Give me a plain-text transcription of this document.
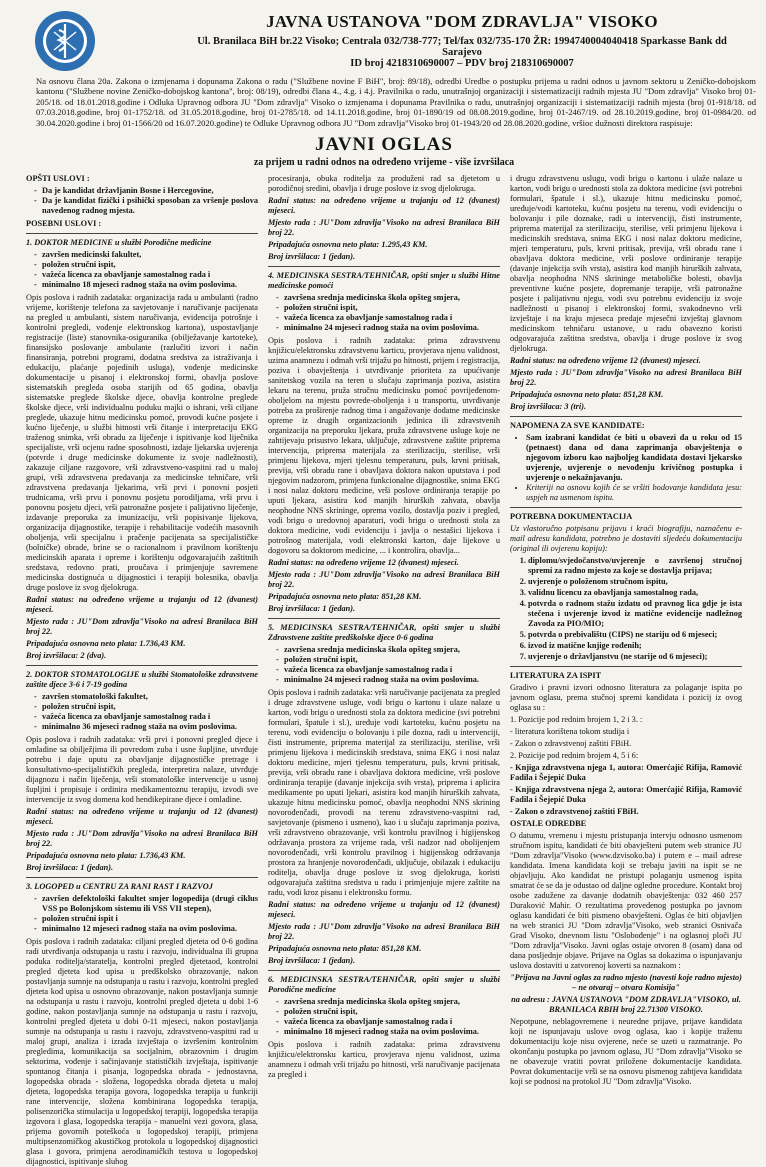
JAVNA USTANOVA "DOM ZDRAVLJA" VISOKO
Ul. Branilaca BiH br.22 Visoko; Centrala 032/738-777; Tel/fax 032/735-170 ŽR: 1994740004040418 Sparkasse Bank dd Sarajevo
ID broj 4218310690007 – PDV broj 218310690007
Na osnovu člana 20a. Zakona o izmjenama i dopunama Zakona o radu ("Službene novine F BiH", broj: 89/18), odredbi Uredbe o postupku prijema u radni odnos u javnom sektoru u Zeničko-dobojskom kantonu ("Službene novine Zeničko-dobojskog kantona", broj: 08/19), odredbi člana 4., 4.g. i 4.j. Pravilnika o radu, unutrašnjoj organizaciji i sistematizaciji radnih mjesta JU "Dom zdravlja" Visoko broj 01-205/18. od 18.01.2018.godine i Odluka Upravnog odbora JU "Dom zdravlja" Visoko o izmjenama i dopunama Pravilnika o radu, unutrašnjoj organizaciji i sistematizaciji radnih mjesta (broj 01-918/18. od 07.03.2018.godine, broj 01-1752/18. od 31.05.2018.godine, broj 01-2785/18. od 14.11.2018.godine, broj 01-1890/19 od 08.08.2019.godine, broj 01-2467/19. od 28.10.2019.godine, broj 01-0984/20. od 30.04.2020.godine i broj 01-1566/20 od 16.07.2020.godine) te Odluke Upravnog odbora JU "Dom zdravlja"Visoko broj 01-1943/20 od 28.08.2020.godine, vršioc dužnosti direktora raspisuje:
JAVNI OGLAS
za prijem u radni odnos na određeno vrijeme - više izvršilaca

OPŠTI USLOVI :

- Da je kandidat državljanin Bosne i Hercegovine,
- Da je kandidat fizički i psihički sposoban za vršenje poslova navedenog radnog mjesta.

POSEBNI USLOVI :

1. DOKTOR MEDICINE u službi Porodične medicine

- završen medicinski fakultet,
- položen stručni ispit,
- važeća licenca za obavljanje samostalnog rada i
- minimalno 18 mjeseci radnog staža na ovim poslovima.

Opis poslova i radnih zadataka: organizacija rada u ambulanti (radno vrijeme, korištenje telefona za savjetovanje i naručivanje pacijenata na pregled u ambulanti, sistem naručivanja, evidencija potrošnje i kontrolni pregledi, vođenje elektronskog kartona), uspostavljanje registracije (liste) stanovnika-osiguranika (obilježavanje kartoteke), finansijsko poslovanje ambulante (razlučiti izvori i način finansiranja, potrebni programi, dodatna sredstva za istraživanja i edukaciju, plaćanje pojedinih usluga), vođenje medicinske dokumentacije u pisanoj i elektronskoj formi, obavlja poslove sistematskih pregleda osoba starijih od 65 godina, obavlja sistematske preglede školske djece, obavlja kontrolne preglede školske djece, vrši individualnu poduku majki o ishrani, vrši ciljane preglede, ukazuje hitnu medicinsku pomoć, provodi kućne posjete i kućno liječenje, u službi hitnosti vrši čitanje i interpretaciju EKG traženog snimka, vrši obradu za liječenje i ispitivanje kod liječnika specijaliste, vrši ocjenu radne sposobnosti, izdaje ljekarska uvjerenja (potvrde i druge medicinske dokumente iz svoje nadležnosti), zakazuje ciljane razgovore, vrši zdravstveno-vaspitni rad u maloj grupi, vrši zdravstvena predavanja za medicinske tehničare, vrši zdravstvena predavanja ljekarima, vrši prvi i ponovni posjeti trudnicama, vrši prvu i ponovnu posjetu porodiljama, vrši prvu i ponovnu posjetu djeci, vrši patronažne posjete i palijativno liječenje, izdavanje preporuka za imunizaciju, vrši popisivanje lijekova, organizacija dijagnostike, terapije i rehabilitacije vodećih masovnih oboljenja, vrši specijalnu i pračenje pacijenata sa specijalističke (bolničke) obrade, brine se o racionalnom i pravilnom korištenju medicinskih aparata i opreme i korištenju odgovarajućih zaštitnih sredstava, redovno prati, proučava i primjenjuje savremene medicinska dostignuća u dijagnostici i terapiji bolesnika, obavlja druge poslove iz svog djelokruga.

Radni status: na određeno vrijeme u trajanju od 12 (dvanest) mjeseci.

Mjesto rada : JU"Dom zdravlja"Visoko na adresi Branilaca BiH broj 22.

Pripadajuća osnovna neto plata: 1.736,43 KM.

Broj izvršilaca: 2 (dva).

2. DOKTOR STOMATOLOGIJE u službi Stomatološke zdravstvene zaštite djece 3-6 i 7-19 godina

- završen stomatološki fakultet,
- položen stručni ispit,
- važeća licenca za obavljanje samostalnog rada i
- minimalno 36 mjeseci radnog staža na ovim poslovima.

Opis poslova i radnih zadataka: vrši prvi i ponovni pregled djece i omladine sa obilježjima ili povredom zuba i usne šupljine, utvrđuje potrebu i daje uputu za obavljanje dijagnostičke pretrage i konsultativno-specijalističkih pregleda, interpretira nalaze, utvrđuje dijagnozu i način liječenja, vrši stomatološke intervencije u usnoj šupljini i propisuje i ordinira medikamentoznu terapiju, izvodi sve intervencije iz svog domena kod hendikepirane djece i omladine.

Radni status: na određeno vrijeme u trajanju od 12 (dvanest) mjeseci.

Mjesto rada : JU"Dom zdravlja"Visoko na adresi Branilaca BiH broj 22.

Pripadajuća osnovna neto plata: 1.736,43 KM.

Broj izvršilaca: 1 (jedan).

3. LOGOPED u CENTRU ZA RANI RAST I RAZVOJ

- završen defektološki fakultet smjer logopedija (drugi ciklus VSS po Bolonjskom sistemu ili VSS VII stepen),
- položen stručni ispit i
- minimalno 12 mjeseci radnog staža na ovim poslovima.

Opis poslova i radnih zadataka: ciljani pregled djeteta od 0-6 godina radi utvrđivanja odstupanja u rastu i razvoju, individualna ili grupna poduka roditelja/staratelja, kontrolni pregled djetetaod, kontrolni pregled djeteta kod upisa u predškolsko obrazovanje, nakon postavljanja sumnje na odstupanja u rastu i razvoju, kontrolni pregled djeteta kod upisa u osnovno obrazovanje, nakon postavljanja sumnje na odstupanja u rastu i razvoju, kontrolni pregled djeteta u dobi 1-6 godine, nakon postavljanja sumnje na odstupanja u rastu i razvoju, kontrolni pregled djeteta u dobi 0-11 mjeseci, nakon postavljanja sumnje na odstupanja u rastu i razvoju, zdravstveno-vaspitni rad u maloj grupi, analiza i izrada izvještaja o izvršenim kontrolnim pregledima, komunikacija sa socijalnim, obrazovnim i drugim sektorima, vođenje i sačinjavanje statističkih izvještaja, ispitivanje spontanog čitanja i pisanja, logopedska obrada - jednostavna, logopedska obrada - složena, logopedska obrada djeteta u maloj djeteta, logopedska terapija govora, logopedska terapija u funkciji rane intervencije, složena kombinirana logopedska terapija, polisenzorička stimulacija u logopedskoj terapiji, logopedska terapija izgovora i glasa, logopedska terapija - manuelni vezi govora, glasa, prijema govornih poteškoća u logopedskoj terapiji, primjena multipsenzomičkog akustičkog protokola u logopedskoj dijagnostici glasa i govora, primjena aerodinamičkih testova u logopedskoj dijagnostici, ispitivanje sluhog

procesiranja, obuka roditelja za produženi rad sa djetetom u porodičnoj sredini, obavlja i druge poslove iz svog djelokruga.

Radni status: na određeno vrijeme u trajanju od 12 (dvanest) mjeseci.

Mjesto rada : JU"Dom zdravlja"Visoko na adresi Branilaca BiH broj 22.

Pripadajuća osnovna neto plata: 1.295,43 KM.

Broj izvršilaca: 1 (jedan).

4. MEDICINSKA SESTRA/TEHNIČAR, opšti smjer u službi Hitne medicinske pomoći

- završena srednja medicinska škola opšteg smjera,
- položen stručni ispit,
- važeća licenca za obavljanje samostalnog rada i
- minimalno 24 mjeseci radnog staža na ovim poslovima.

Opis poslova i radnih zadataka: prima zdravstvenu knjižicu/elektronsku zdravstvenu karticu, provjerava njenu validnost, uzima anamnezu i odmah vrši trijažu po hitnosti, prijem i registracija, poziva i obavještenja i utvrđivanje prioriteta za upućivanje sanitetskog vozila na teren u slučaju zaprimanja poziva, asistira lekaru na terenu, pruža stručnu medicinsku pomoć povrijeđenom-oboljelom na mjestu povrede-oboljenja i u transportu, utvrđivanje potreba za proširenje radnog tima i angažovanje dodatne medicinske opreme iz drugih organizacionih jedinica ili zdravstvenih organizacija na preporuku ljekara, pruža zdravstvene usluge koje ne zahtijevaju prisustvo lekara, uključuje, zdravstvene zaštite priprema intervencija, priprema materijala za sterilizaciju, sterilise, vrši primjenu lijekova, mjeri tjelesnu temperaturu, puls, krvni pritisak, previja, vrši obradu rane i obavljava doktora nakon uputstava i pod njegovim nadzorom, primjena funkcionalne dijagnostike, snima EKG i nosi nalaz doktoru medicine, vrši poslove ordiniranja terapije po uputi ljekara, asistira kod manjih hirurških zahvata, obavlja neophodne NNS skrininge, oprema vozilo, dostavlja poziv i pregled, vodi brigu o uredovnoj aparaturi, vodi brigu o urednosti stola za doktora medicine, vodi evidenciju i javlja o nestašici lijekova i potrošnog materijala, vodi elektronski karton, daje lijekove u dogovoru sa doktorom medicine, ... i kontrolira, obavlja...

Radni status: na određeno vrijeme 12 (dvanest) mjeseci.

Mjesto rada : JU"Dom zdravlja"Visoko na adresi Branilaca BiH broj 22.

Pripadajuća osnovna neto plata: 851,28 KM.

Broj izvršilaca: 1 (jedan).

5. MEDICINSKA SESTRA/TEHNIČAR, opšti smjer u službi Zdravstvene zaštite predškolske djece 0-6 godina

- završena srednja medicinska škola opšteg smjera,
- položen stručni ispit,
- važeća licenca za obavljanje samostalnog rada i
- minimalno 24 mjeseci radnog staža na ovim poslovima.

Opis poslova i radnih zadataka: vrši naručivanje pacijenata za pregled i druge zdravstvene usluge, vodi brigu o kartonu i ulaze nalaze u karton, vodi brigu o urednosti stola za doktora medicine (svi potrebni formulari, špatule i sl.), uređuje vodi kartoteku, kućnu posjetu na terenu, vodi evidenciju o bolovanju i pile dozna, radi u intervenciji, čisti instrumente, priprema materijal za sterilizaciju, sterilise, vrši primjenu lijekova i medicinskih sredstava, snima EKG i nosi nalaz doktoru medicine, mjeri tjelesnu temperaturu, puls, krvni pritisak, previja, vrši obradu rane i obavljava doktora medicine, vrši poslove ordiniranja terapije (davanje injekcija svih vrsta), priprema i aplicira medikamente po uputi ljekari, asistira kod manjih hirurških zahvata, ukazuje hitnu medicinsku pomoć, obavlja neophodni NNS skrining novorođenčadi, provodi na terenu zdravstveno-vaspitni rad, savjetovanje (pismeno i usmeno), kao i u slučaju zaprimanja poziva, vrši zdravstveno obrazovanje, vrši kontrolu pravilnog i higijenskog održavanja prostora za vrijeme rada, vrši nadzor nad obolijenjem novorođenčadi, vrši kontrolu pravilnog i higijenskog održavanja prostora za hranjenje novorođenčadi, uključuje, obilazak i edukaciju roditelja, obavlja druge poslove iz svog djelokruga, koristi odgovarajuća zaštitna sredstva u radu i primjenjuje mjere zaštite na radu, vodi kroz pisanu i elektronsku formu.

Radni status: na određeno vrijeme u trajanju od 12 (dvanest) mjeseci.

Mjesto rada : JU"Dom zdravlja"Visoko na adresi Branilaca BiH broj 22.

Pripadajuća osnovna neto plata: 851,28 KM.

Broj izvršilaca: 1 (jedan).

6. MEDICINSKA SESTRA/TEHNIČAR, opšti smjer u službi Porodične medicine

- završena srednja medicinska škola opšteg smjera,
- položen stručni ispit,
- važeća licenca za obavljanje samostalnog rada i
- minimalno 18 mjeseci radnog staža na ovim poslovima.

Opis poslova i radnih zadataka: prima zdravstvenu knjižicu/elektronsku karticu, provjerava njenu validnost, uzima anamnezu i odmah vrši trijažu po hitnosti, vrši naručivanje pacijenata za pregled i

i drugu zdravstvenu uslugu, vodi brigu o kartonu i ulaže nalaze u karton, vodi brigu o urednosti stola za doktora medicine (svi potrebni formulari, špatule i sl.), ukazuje hitnu medicinsku pomoć, uređuje/vodi kartoteku, kućnu posjetu na terenu, vodi evidenciju o bolovanju i pile doznake, radi u intervenciji, čisti instrumente, priprema materijal za sterilizaciju, sterilise, vrši primjenu lijekova i medicinskih sredstava, snima EKG i nosi nalaz doktoru medicine, mjeri temperaturu, puls, krvni pritisak, previja, vrši obradu rane i obavljava doktora medicine, vrši poslove ordiniranje terapije (davanje injekcija svih vrsta), asistira kod manjih hirurških zahvata, obavlja neophodna NNS skrininge metaboličke bolesti, obavlja preventivne kućne posjete, dopremanje terapije, vrši patronažne posjete i palijativnu njegu, vodi svu potrebnu evidenciju iz svoje nadležnosti u pisanoj i elektronskoj formi, svakodnevno vrši izvještaje i na kraju mjeseca predaje mjesečni izvještaj glavnom medicinskom tehničaru ustanove, u radu obavezno koristi odgovarajuća zaštitna sredstva, obavlja i druge poslove iz svog djelokruga.

Radni status: na određeno vrijeme 12 (dvanest) mjeseci.

Mjesto rada : JU"Dom zdravlja"Visoko na adresi Branilaca BiH broj 22.

Pripadajuća osnovna neto plata: 851,28 KM.

Broj izvršilaca: 3 (tri).

NAPOMENA ZA SVE KANDIDATE:

• Sam izabrani kandidat će biti u obavezi da u roku od 15 (petnaest) dana od dana zaprimanja obavještenja o njegovom izboru kao najboljeg kandidata dostavi ljekarsko uvjerenje, uvjerenje o nevođenju krivičnog postupka i uvjerenje o nekažnjavanju.
• Kriteriji na osnovu kojih će se vršiti bodovanje kandidata jesu: uspjeh na usmenom ispitu.

POTREBNA DOKUMENTACIJA

Uz vlastoručno potpisanu prijavu i kraći biografiju, naznačenu e-mail adresu kandidata, potrebno je dostaviti sljedeću dokumentaciju (original ili ovjerenu kopiju):

1. diplomu/svjedočanstvo/uvjerenje o završenoj stručnoj spremi za radno mjesto za koje se dostavlja prijava;
2. uvjerenje o položenom stručnom ispitu,
3. validnu licencu za obavljanja samostalnog rada,
4. potvrda o radnom stažu izdatu od pravnog lica gdje je ista stečena i uvjerenje izvod iz matične evidencije nadležnog Zavoda za PIO/MIO;
5. potvrda o prebivalištu (CIPS) ne stariju od 6 mjeseci;
6. izvod iz matične knjige rođenih;
7. uvjerenje o državljanstvu (ne starije od 6 mjeseci);

LITERATURA ZA ISPIT

Gradivo i pravni izvori odnosno literatura za polaganje ispita po javnom oglasu, prema stučnoj spremi kandidata i pozicij iz ovog oglasa su :

1. Pozicije pod rednim brojem 1, 2 i 3. :

- literatura korištena tokom studija i

- Zakon o zdravstvenoj zaštiti FBiH.

2. Pozicije pod rednim brojem 4, 5 i 6:

- Knjiga zdravstvena njega 1, autora: Omerćajić Rifija, Ramović Fadila i Šejepić Duka

- Knjiga zdravstvena njega 2, autora: Omerćajić Rifija, Ramović Fadila i Šejepić Duka

- Zakon o zdravstvenoj zaštiti FBiH.

OSTALE ODREDBE

O datumu, vremenu i mjestu pristupanja intervju odnosno usmenom stručnom ispitu, kandidati će biti obavješteni putem web stranice JU "Dom zdravlja"Visoko (www.dzvisoko.ba) i putem e – mail adrese kandidata. Imena kandidata koji se trebaju javiti na ispit se ne objavljuju. Ako kandidat ne pristupi polaganju usmenog ispita smatrat će se da je odustao od daljne ogledne procedure. Kontakt broj osobe zadužene za davanje dodatnih obavještenja: 032 460 257 Duraković Mahir. O rezultatima provedenog postupka po javnom oglasu kandidati će biti pismeno obavješteni. Oglas će biti objavljen na web stranici JU "Dom zdravlja"Visoko, web stranici Osnivača Grad Visoko, dnevnom listu "Oslobođenje" i na oglasnoj ploči JU "Dom zdravlja"Visoko. Javni oglas ostaje otvoren 8 (osam) dana od dana posljednje objave. Prijave na Oglas sa dokazima o ispunjavanju uslova dostaviti u zatvorenoj koverti sa naznakom :

"Prijava na Javni oglas za radno mjesto (navesti koje radno mjesto) – ne otvaraj – otvara Komisija"

na adresu : JAVNA USTANOVA "DOM ZDRAVLJA"VISOKO, ul. BRANILACA RBIH broj 22.71300 VISOKO.

Nepotpune, neblagovremene i neuredne prijave, prijave kandidata koji ne ispunjavaju uslove ovog oglasa, kao i kopije traženu dokumentaciju koje nisu ovjerene, neće se uzeti u razmatranje. Po okončanju postupka po javnom oglasu, JU "Dom zdravlja"Visoko se ne obavezuje vratiti povrat priložene dokumentacije kandidata. Povrat dokumentacije vrši se na osnovu pismenog zahtjeva kandidata koji se podnosi na protokol JU "Dom zdravlja"Visoko.
